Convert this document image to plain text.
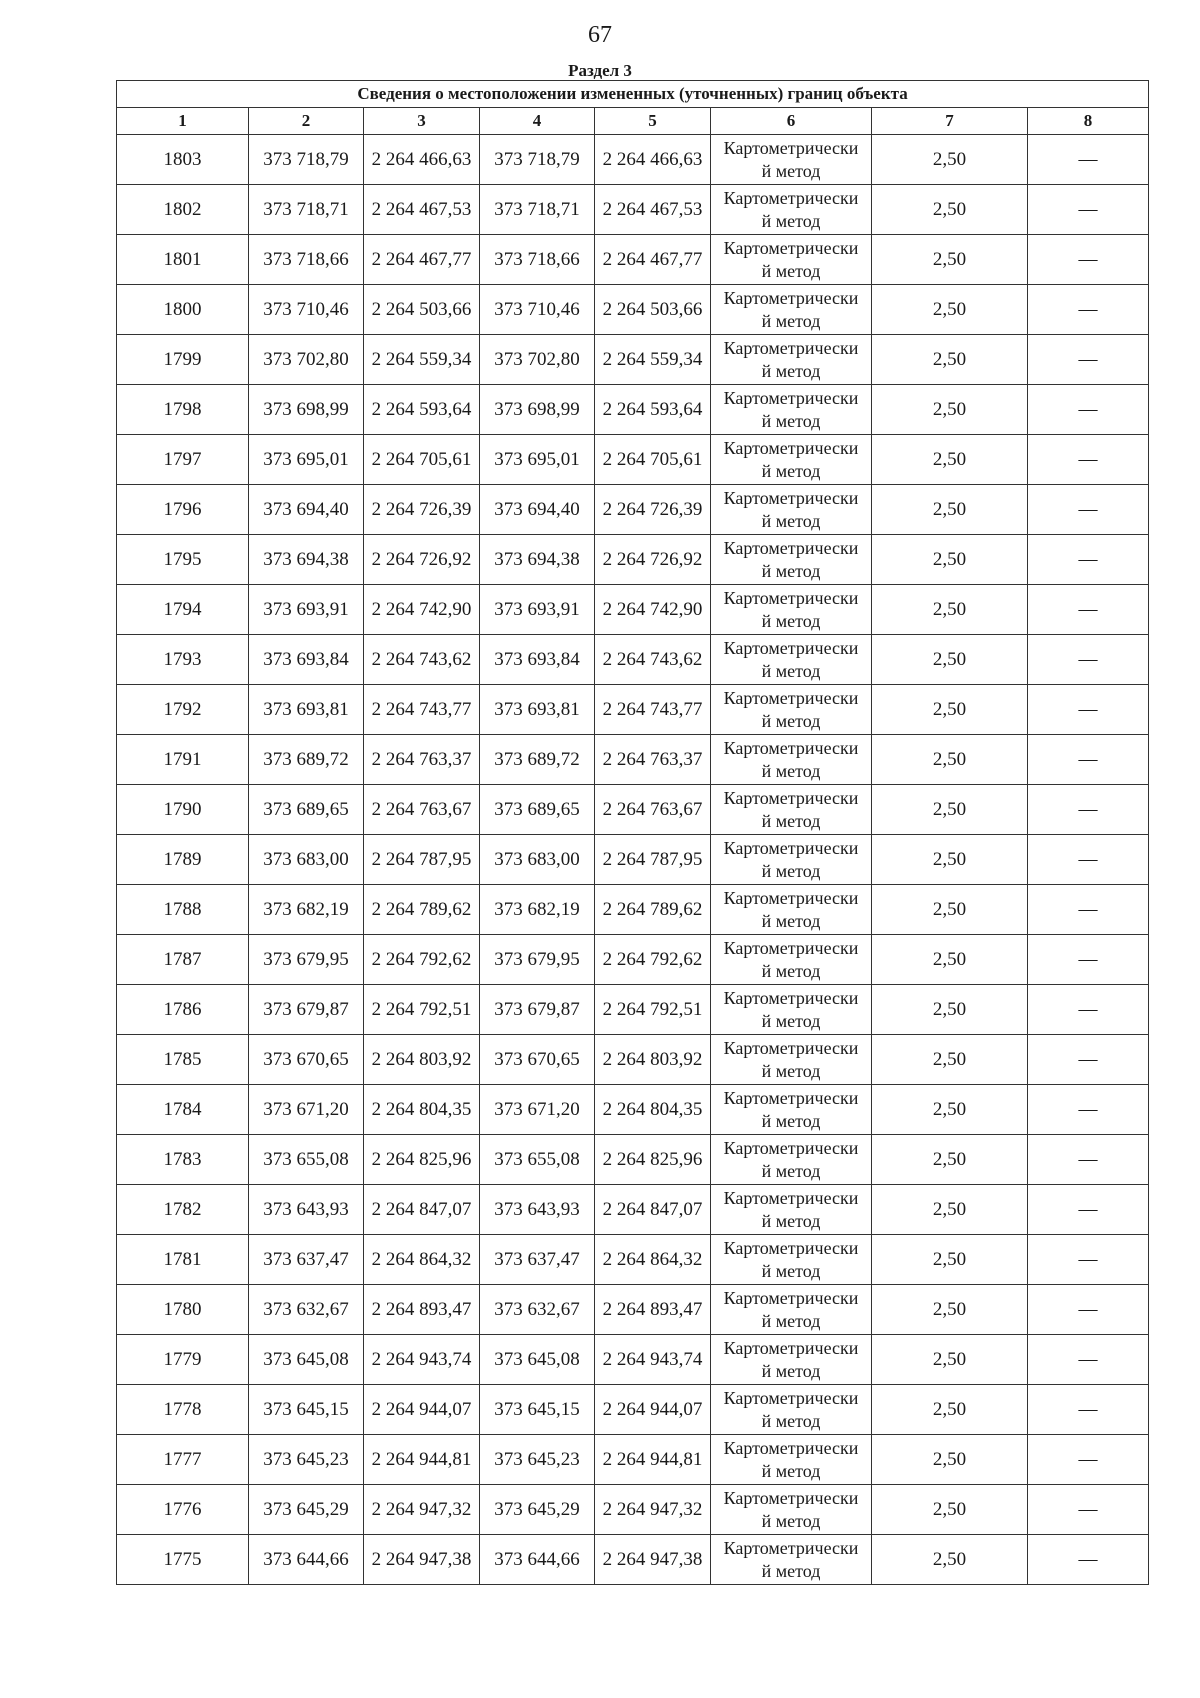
67
Раздел 3
Сведения о местоположении измененных (уточненных) границ объекта							
1	2	3	4	5	6	7	8
1803	373 718,79	2 264 466,63	373 718,79	2 264 466,63	Картометрически
й метод	2,50	—
1802	373 718,71	2 264 467,53	373 718,71	2 264 467,53	Картометрически
й метод	2,50	—
1801	373 718,66	2 264 467,77	373 718,66	2 264 467,77	Картометрически
й метод	2,50	—
1800	373 710,46	2 264 503,66	373 710,46	2 264 503,66	Картометрически
й метод	2,50	—
1799	373 702,80	2 264 559,34	373 702,80	2 264 559,34	Картометрически
й метод	2,50	—
1798	373 698,99	2 264 593,64	373 698,99	2 264 593,64	Картометрически
й метод	2,50	—
1797	373 695,01	2 264 705,61	373 695,01	2 264 705,61	Картометрически
й метод	2,50	—
1796	373 694,40	2 264 726,39	373 694,40	2 264 726,39	Картометрически
й метод	2,50	—
1795	373 694,38	2 264 726,92	373 694,38	2 264 726,92	Картометрически
й метод	2,50	—
1794	373 693,91	2 264 742,90	373 693,91	2 264 742,90	Картометрически
й метод	2,50	—
1793	373 693,84	2 264 743,62	373 693,84	2 264 743,62	Картометрически
й метод	2,50	—
1792	373 693,81	2 264 743,77	373 693,81	2 264 743,77	Картометрически
й метод	2,50	—
1791	373 689,72	2 264 763,37	373 689,72	2 264 763,37	Картометрически
й метод	2,50	—
1790	373 689,65	2 264 763,67	373 689,65	2 264 763,67	Картометрически
й метод	2,50	—
1789	373 683,00	2 264 787,95	373 683,00	2 264 787,95	Картометрически
й метод	2,50	—
1788	373 682,19	2 264 789,62	373 682,19	2 264 789,62	Картометрически
й метод	2,50	—
1787	373 679,95	2 264 792,62	373 679,95	2 264 792,62	Картометрически
й метод	2,50	—
1786	373 679,87	2 264 792,51	373 679,87	2 264 792,51	Картометрически
й метод	2,50	—
1785	373 670,65	2 264 803,92	373 670,65	2 264 803,92	Картометрически
й метод	2,50	—
1784	373 671,20	2 264 804,35	373 671,20	2 264 804,35	Картометрически
й метод	2,50	—
1783	373 655,08	2 264 825,96	373 655,08	2 264 825,96	Картометрически
й метод	2,50	—
1782	373 643,93	2 264 847,07	373 643,93	2 264 847,07	Картометрически
й метод	2,50	—
1781	373 637,47	2 264 864,32	373 637,47	2 264 864,32	Картометрически
й метод	2,50	—
1780	373 632,67	2 264 893,47	373 632,67	2 264 893,47	Картометрически
й метод	2,50	—
1779	373 645,08	2 264 943,74	373 645,08	2 264 943,74	Картометрически
й метод	2,50	—
1778	373 645,15	2 264 944,07	373 645,15	2 264 944,07	Картометрически
й метод	2,50	—
1777	373 645,23	2 264 944,81	373 645,23	2 264 944,81	Картометрически
й метод	2,50	—
1776	373 645,29	2 264 947,32	373 645,29	2 264 947,32	Картометрически
й метод	2,50	—
1775	373 644,66	2 264 947,38	373 644,66	2 264 947,38	Картометрически
й метод	2,50	—
